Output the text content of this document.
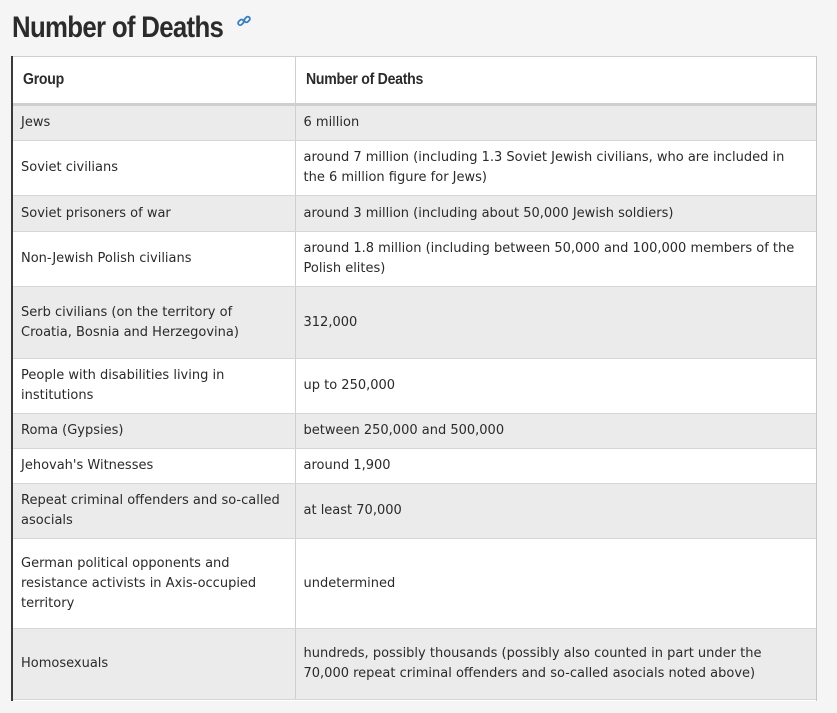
Number of Deaths
Group	Number of Deaths
Jews	6 million
Soviet civilians	around 7 million (including 1.3 Soviet Jewish civilians, who are included in the 6 million figure for Jews)
Soviet prisoners of war	around 3 million (including about 50,000 Jewish soldiers)
Non-Jewish Polish civilians	around 1.8 million (including between 50,000 and 100,000 members of the Polish elites)
Serb civilians (on the territory of Croatia, Bosnia and Herzegovina)	312,000
People with disabilities living in institutions	up to 250,000
Roma (Gypsies)	between 250,000 and 500,000
Jehovah's Witnesses	around 1,900
Repeat criminal offenders and so-called asocials	at least 70,000
German political opponents and resistance activists in Axis-occupied territory	undetermined
Homosexuals	hundreds, possibly thousands (possibly also counted in part under the 70,000 repeat criminal offenders and so-called asocials noted above)
